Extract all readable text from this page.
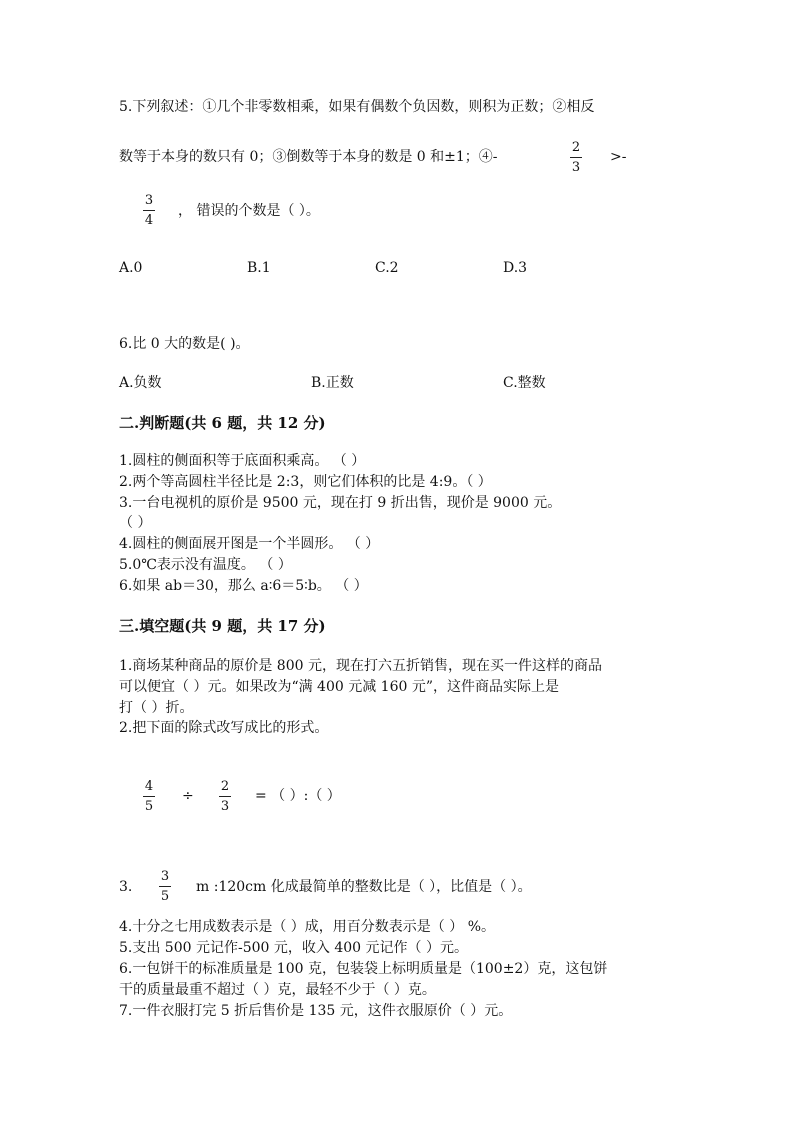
5.下列叙述：①几个非零数相乘，如果有偶数个负因数，则积为正数；②相反
数等于本身的数只有 0；③倒数等于本身的数是 0 和±1；④-
2
3
>-
3
4
， 错误的个数是（ ）。
A.0	B.1	C.2	D.3
6.比 0 大的数是( )。
A.负数	B.正数	C.整数
二.判断题(共 6 题，共 12 分)
1.圆柱的侧面积等于底面积乘高。 （ ）
2.两个等高圆柱半径比是 2:3，则它们体积的比是 4:9。（ ）
3.一台电视机的原价是 9500 元，现在打 9 折出售，现价是 9000 元。
（ ）
4.圆柱的侧面展开图是一个半圆形。 （ ）
5.0℃表示没有温度。 （ ）
6.如果 ab＝30，那么 a∶6＝5∶b。 （ ）
三.填空题(共 9 题，共 17 分)
1.商场某种商品的原价是 800 元，现在打六五折销售，现在买一件这样的商品
可以便宜（ ）元。如果改为“满 400 元减 160 元”，这件商品实际上是
打（ ）折。
2.把下面的除式改写成比的形式。
4
5
÷
2
3
= （ ）:（ ）
3.
3
5
m :120cm 化成最简单的整数比是（ ），比值是（ ）。
4.十分之七用成数表示是（ ）成，用百分数表示是（ ） %。
5.支出 500 元记作-500 元，收入 400 元记作（ ）元。
6.一包饼干的标准质量是 100 克，包装袋上标明质量是（100±2）克，这包饼
干的质量最重不超过（ ）克，最轻不少于（ ）克。
7.一件衣服打完 5 折后售价是 135 元，这件衣服原价（ ）元。
